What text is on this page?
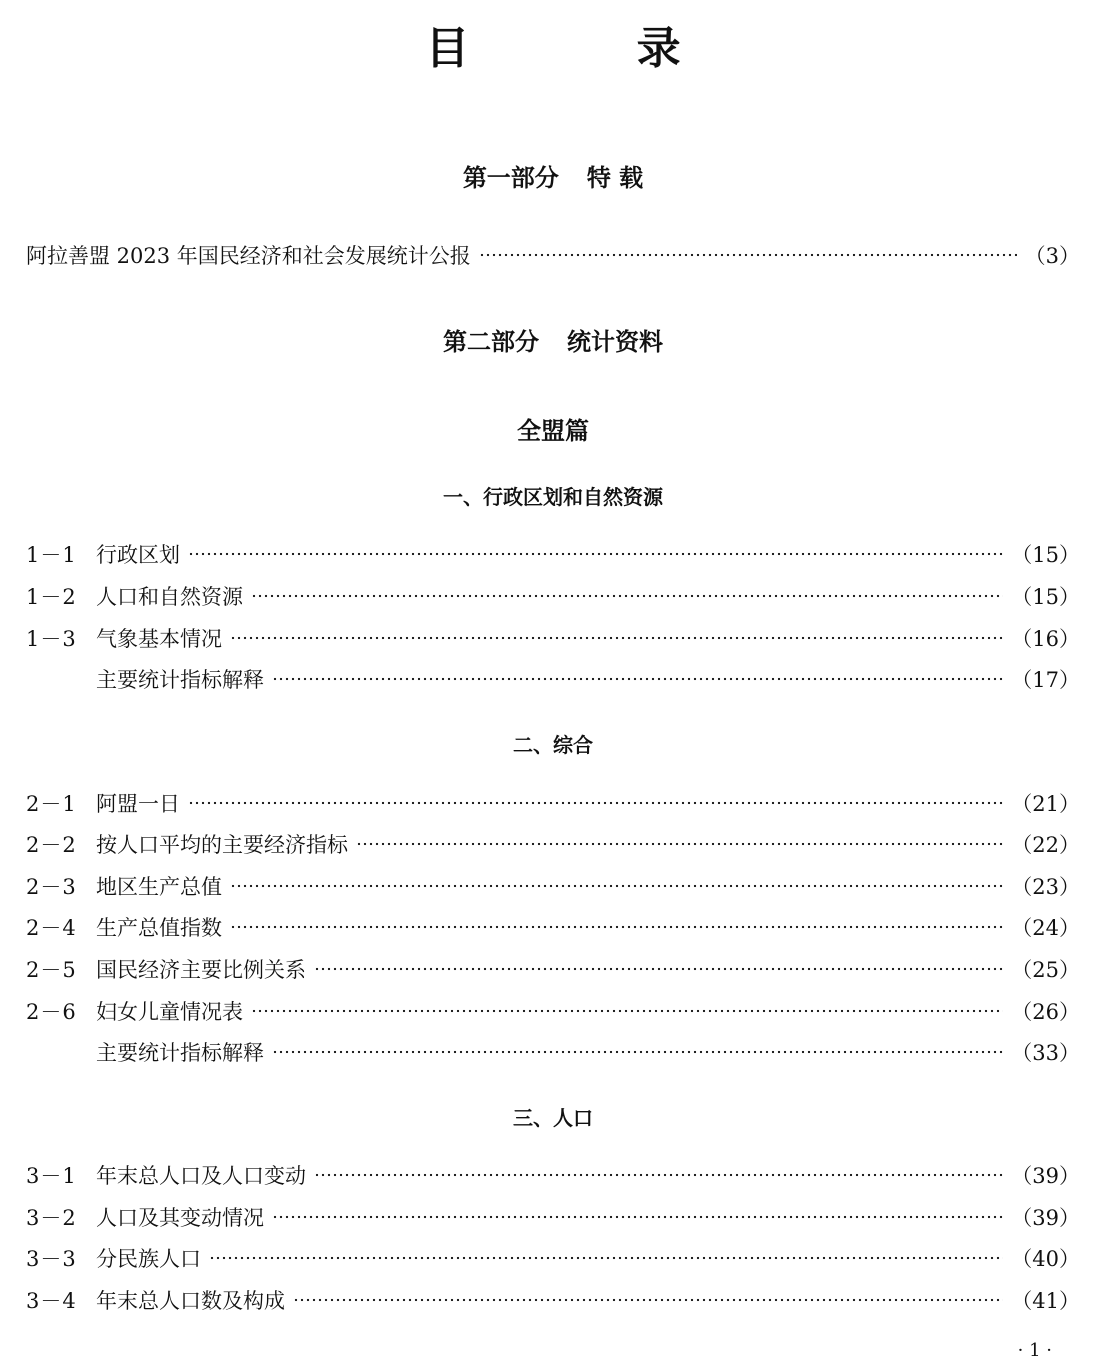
目 录
第一部分 特 载
阿拉善盟 2023 年国民经济和社会发展统计公报	（3）
第二部分 统计资料
全盟篇
一、行政区划和自然资源
1－1 行政区划	（15）
1－2 人口和自然资源	（15）
1－3 气象基本情况	（16）
主要统计指标解释	（17）
二、综合
2－1 阿盟一日	（21）
2－2 按人口平均的主要经济指标	（22）
2－3 地区生产总值	（23）
2－4 生产总值指数	（24）
2－5 国民经济主要比例关系	（25）
2－6 妇女儿童情况表	（26）
主要统计指标解释	（33）
三、人口
3－1 年末总人口及人口变动	（39）
3－2 人口及其变动情况	（39）
3－3 分民族人口	（40）
3－4 年末总人口数及构成	（41）
· 1 ·
